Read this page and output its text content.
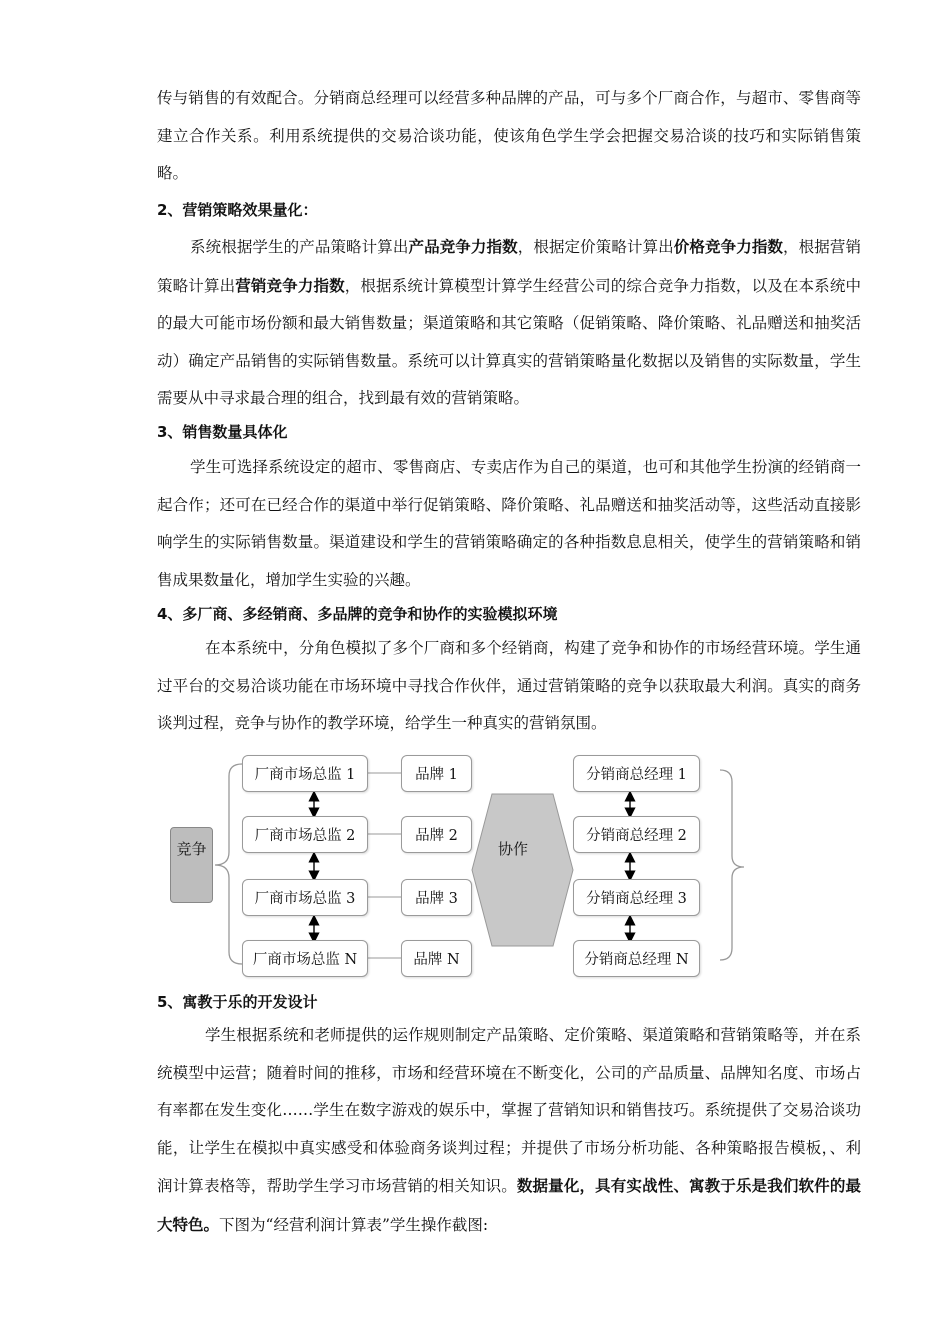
传与销售的有效配合。分销商总经理可以经营多种品牌的产品，可与多个厂商合作，与超市、零售商等建立合作关系。利用系统提供的交易洽谈功能，使该角色学生学会把握交易洽谈的技巧和实际销售策略。

2、营销策略效果量化：

系统根据学生的产品策略计算出产品竞争力指数，根据定价策略计算出价格竞争力指数，根据营销策略计算出营销竞争力指数，根据系统计算模型计算学生经营公司的综合竞争力指数，以及在本系统中的最大可能市场份额和最大销售数量；渠道策略和其它策略（促销策略、降价策略、礼品赠送和抽奖活动）确定产品销售的实际销售数量。系统可以计算真实的营销策略量化数据以及销售的实际数量，学生需要从中寻求最合理的组合，找到最有效的营销策略。

3、销售数量具体化

学生可选择系统设定的超市、零售商店、专卖店作为自己的渠道，也可和其他学生扮演的经销商一起合作；还可在已经合作的渠道中举行促销策略、降价策略、礼品赠送和抽奖活动等，这些活动直接影响学生的实际销售数量。渠道建设和学生的营销策略确定的各种指数息息相关，使学生的营销策略和销售成果数量化，增加学生实验的兴趣。

4、多厂商、多经销商、多品牌的竞争和协作的实验模拟环境

在本系统中，分角色模拟了多个厂商和多个经销商，构建了竞争和协作的市场经营环境。学生通过平台的交易洽谈功能在市场环境中寻找合作伙伴，通过营销策略的竞争以获取最大利润。真实的商务谈判过程，竞争与协作的教学环境，给学生一种真实的营销氛围。

竞争	协作
厂商市场总监 1
厂商市场总监 2
厂商市场总监 3
厂商市场总监 N
品牌 1
品牌 2
品牌 3
品牌 N
分销商总经理 1
分销商总经理 2
分销商总经理 3
分销商总经理 N

5、寓教于乐的开发设计

学生根据系统和老师提供的运作规则制定产品策略、定价策略、渠道策略和营销策略等，并在系统模型中运营；随着时间的推移，市场和经营环境在不断变化，公司的产品质量、品牌知名度、市场占有率都在发生变化……学生在数字游戏的娱乐中，掌握了营销知识和销售技巧。系统提供了交易洽谈功能，让学生在模拟中真实感受和体验商务谈判过程；并提供了市场分析功能、各种策略报告模板，、利润计算表格等，帮助学生学习市场营销的相关知识。数据量化，具有实战性、寓教于乐是我们软件的最大特色。下图为“经营利润计算表”学生操作截图:
